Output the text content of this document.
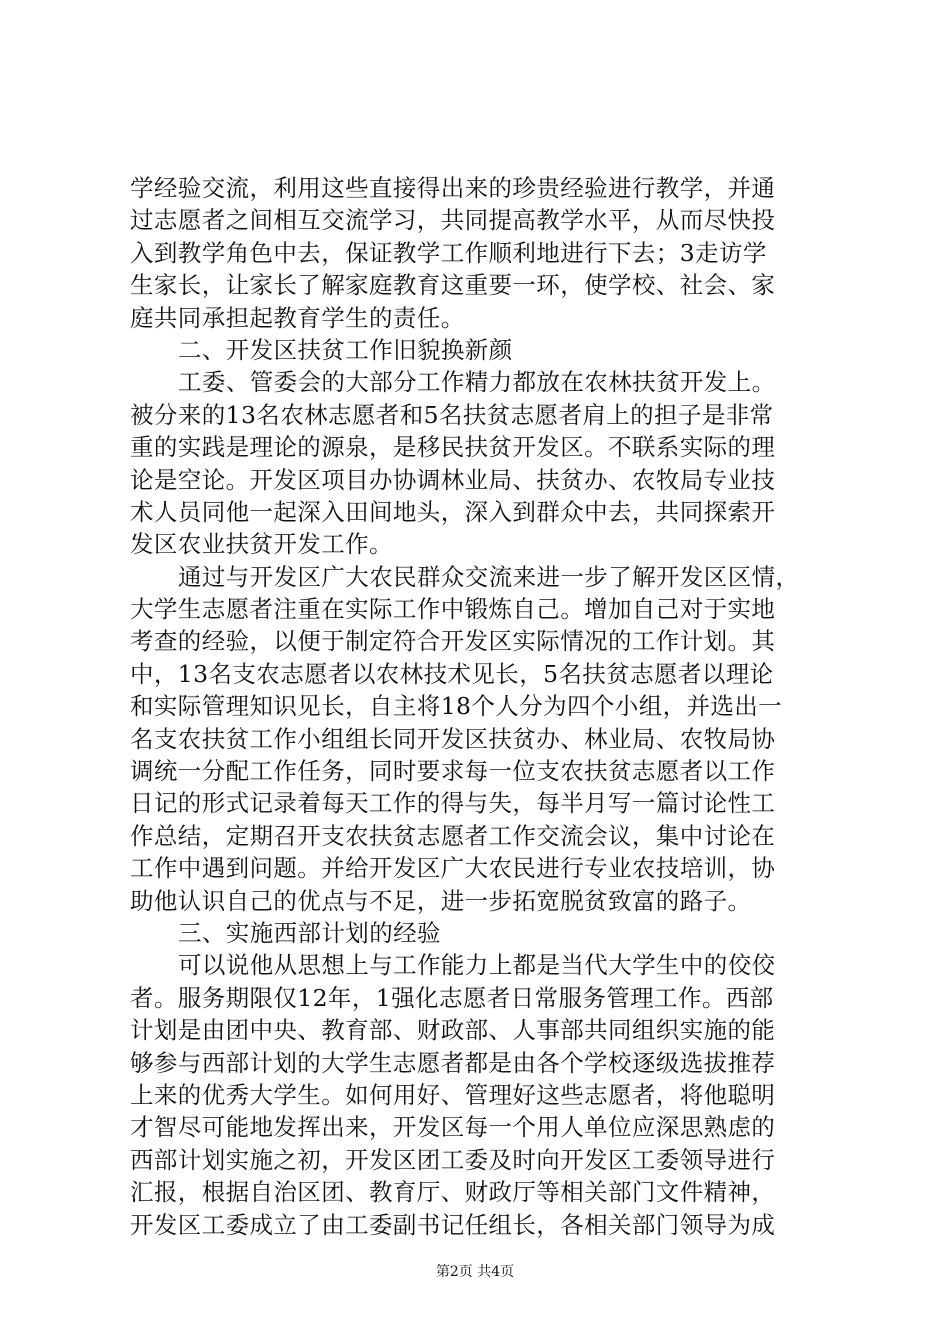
学经验交流，利用这些直接得出来的珍贵经验进行教学，并通
过志愿者之间相互交流学习，共同提高教学水平，从而尽快投
入到教学角色中去，保证教学工作顺利地进行下去；3走访学
生家长，让家长了解家庭教育这重要一环，使学校、社会、家
庭共同承担起教育学生的责任。
二、开发区扶贫工作旧貌换新颜
工委、管委会的大部分工作精力都放在农林扶贫开发上。
被分来的13名农林志愿者和5名扶贫志愿者肩上的担子是非常
重的实践是理论的源泉，是移民扶贫开发区。不联系实际的理
论是空论。开发区项目办协调林业局、扶贫办、农牧局专业技
术人员同他一起深入田间地头，深入到群众中去，共同探索开
发区农业扶贫开发工作。
通过与开发区广大农民群众交流来进一步了解开发区区情，
大学生志愿者注重在实际工作中锻炼自己。增加自己对于实地
考查的经验，以便于制定符合开发区实际情况的工作计划。其
中，13名支农志愿者以农林技术见长，5名扶贫志愿者以理论
和实际管理知识见长，自主将18个人分为四个小组，并选出一
名支农扶贫工作小组组长同开发区扶贫办、林业局、农牧局协
调统一分配工作任务，同时要求每一位支农扶贫志愿者以工作
日记的形式记录着每天工作的得与失，每半月写一篇讨论性工
作总结，定期召开支农扶贫志愿者工作交流会议，集中讨论在
工作中遇到问题。并给开发区广大农民进行专业农技培训，协
助他认识自己的优点与不足，进一步拓宽脱贫致富的路子。
三、实施西部计划的经验
可以说他从思想上与工作能力上都是当代大学生中的佼佼
者。服务期限仅12年，1强化志愿者日常服务管理工作。西部
计划是由团中央、教育部、财政部、人事部共同组织实施的能
够参与西部计划的大学生志愿者都是由各个学校逐级选拔推荐
上来的优秀大学生。如何用好、管理好这些志愿者，将他聪明
才智尽可能地发挥出来，开发区每一个用人单位应深思熟虑的
西部计划实施之初，开发区团工委及时向开发区工委领导进行
汇报，根据自治区团、教育厅、财政厅等相关部门文件精神，
开发区工委成立了由工委副书记任组长，各相关部门领导为成
第2页 共4页
